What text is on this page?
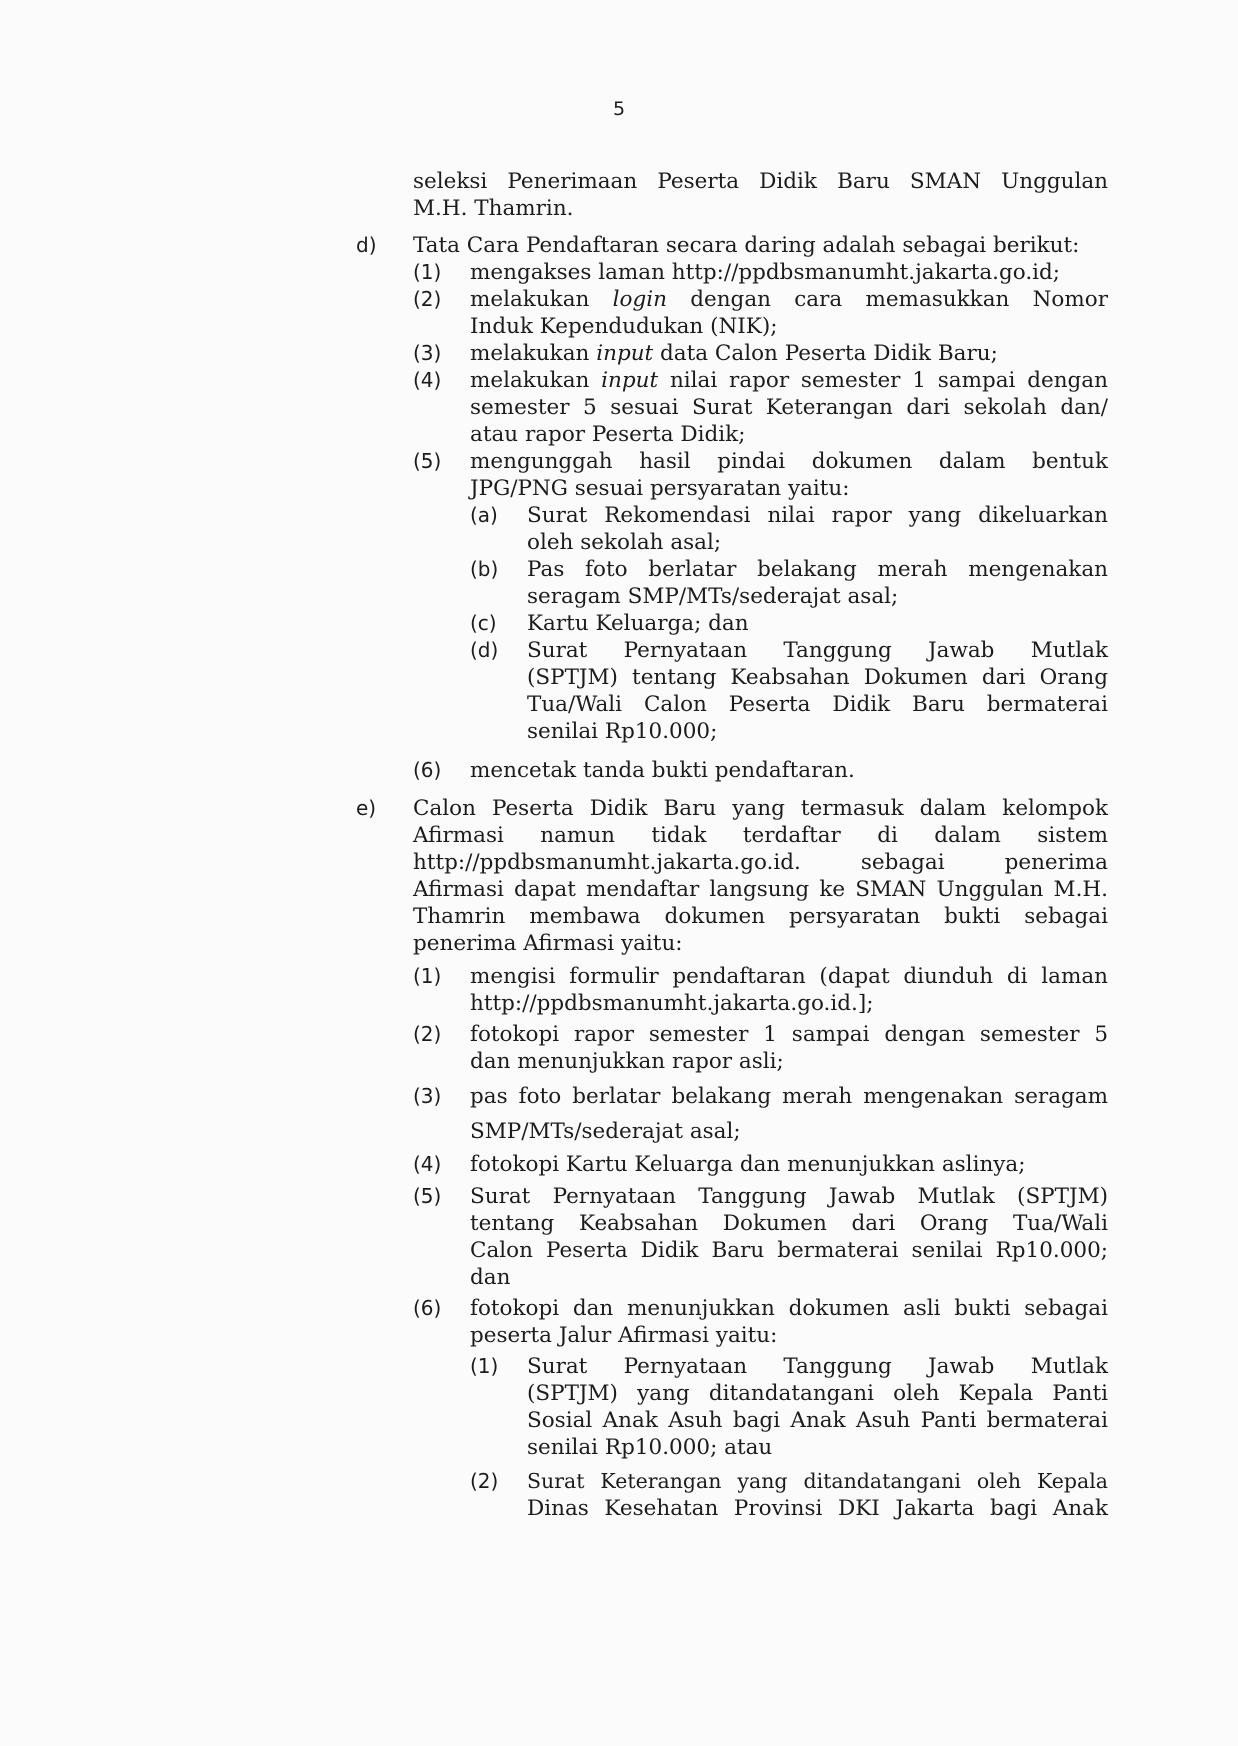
5
seleksi Penerimaan Peserta Didik Baru SMAN Unggulan
M.H. Thamrin.
d) Tata Cara Pendaftaran secara daring adalah sebagai berikut:
(1) mengakses laman http://ppdbsmanumht.jakarta.go.id;
(2) melakukan login dengan cara memasukkan Nomor
Induk Kependudukan (NIK);
(3) melakukan input data Calon Peserta Didik Baru;
(4) melakukan input nilai rapor semester 1 sampai dengan
semester 5 sesuai Surat Keterangan dari sekolah dan/
atau rapor Peserta Didik;
(5) mengunggah hasil pindai dokumen dalam bentuk
JPG/PNG sesuai persyaratan yaitu:
(a) Surat Rekomendasi nilai rapor yang dikeluarkan
oleh sekolah asal;
(b) Pas foto berlatar belakang merah mengenakan
seragam SMP/MTs/sederajat asal;
(c) Kartu Keluarga; dan
(d) Surat Pernyataan Tanggung Jawab Mutlak
(SPTJM) tentang Keabsahan Dokumen dari Orang
Tua/Wali Calon Peserta Didik Baru bermaterai
senilai Rp10.000;
(6) mencetak tanda bukti pendaftaran.
e) Calon Peserta Didik Baru yang termasuk dalam kelompok
Afirmasi namun tidak terdaftar di dalam sistem
http://ppdbsmanumht.jakarta.go.id. sebagai penerima
Afirmasi dapat mendaftar langsung ke SMAN Unggulan M.H.
Thamrin membawa dokumen persyaratan bukti sebagai
penerima Afirmasi yaitu:
(1) mengisi formulir pendaftaran (dapat diunduh di laman
http://ppdbsmanumht.jakarta.go.id.];
(2) fotokopi rapor semester 1 sampai dengan semester 5
dan menunjukkan rapor asli;
(3) pas foto berlatar belakang merah mengenakan seragam
SMP/MTs/sederajat asal;
(4) fotokopi Kartu Keluarga dan menunjukkan aslinya;
(5) Surat Pernyataan Tanggung Jawab Mutlak (SPTJM)
tentang Keabsahan Dokumen dari Orang Tua/Wali
Calon Peserta Didik Baru bermaterai senilai Rp10.000;
dan
(6) fotokopi dan menunjukkan dokumen asli bukti sebagai
peserta Jalur Afirmasi yaitu:
(1) Surat Pernyataan Tanggung Jawab Mutlak
(SPTJM) yang ditandatangani oleh Kepala Panti
Sosial Anak Asuh bagi Anak Asuh Panti bermaterai
senilai Rp10.000; atau
(2) Surat Keterangan yang ditandatangani oleh Kepala
Dinas Kesehatan Provinsi DKI Jakarta bagi Anak
